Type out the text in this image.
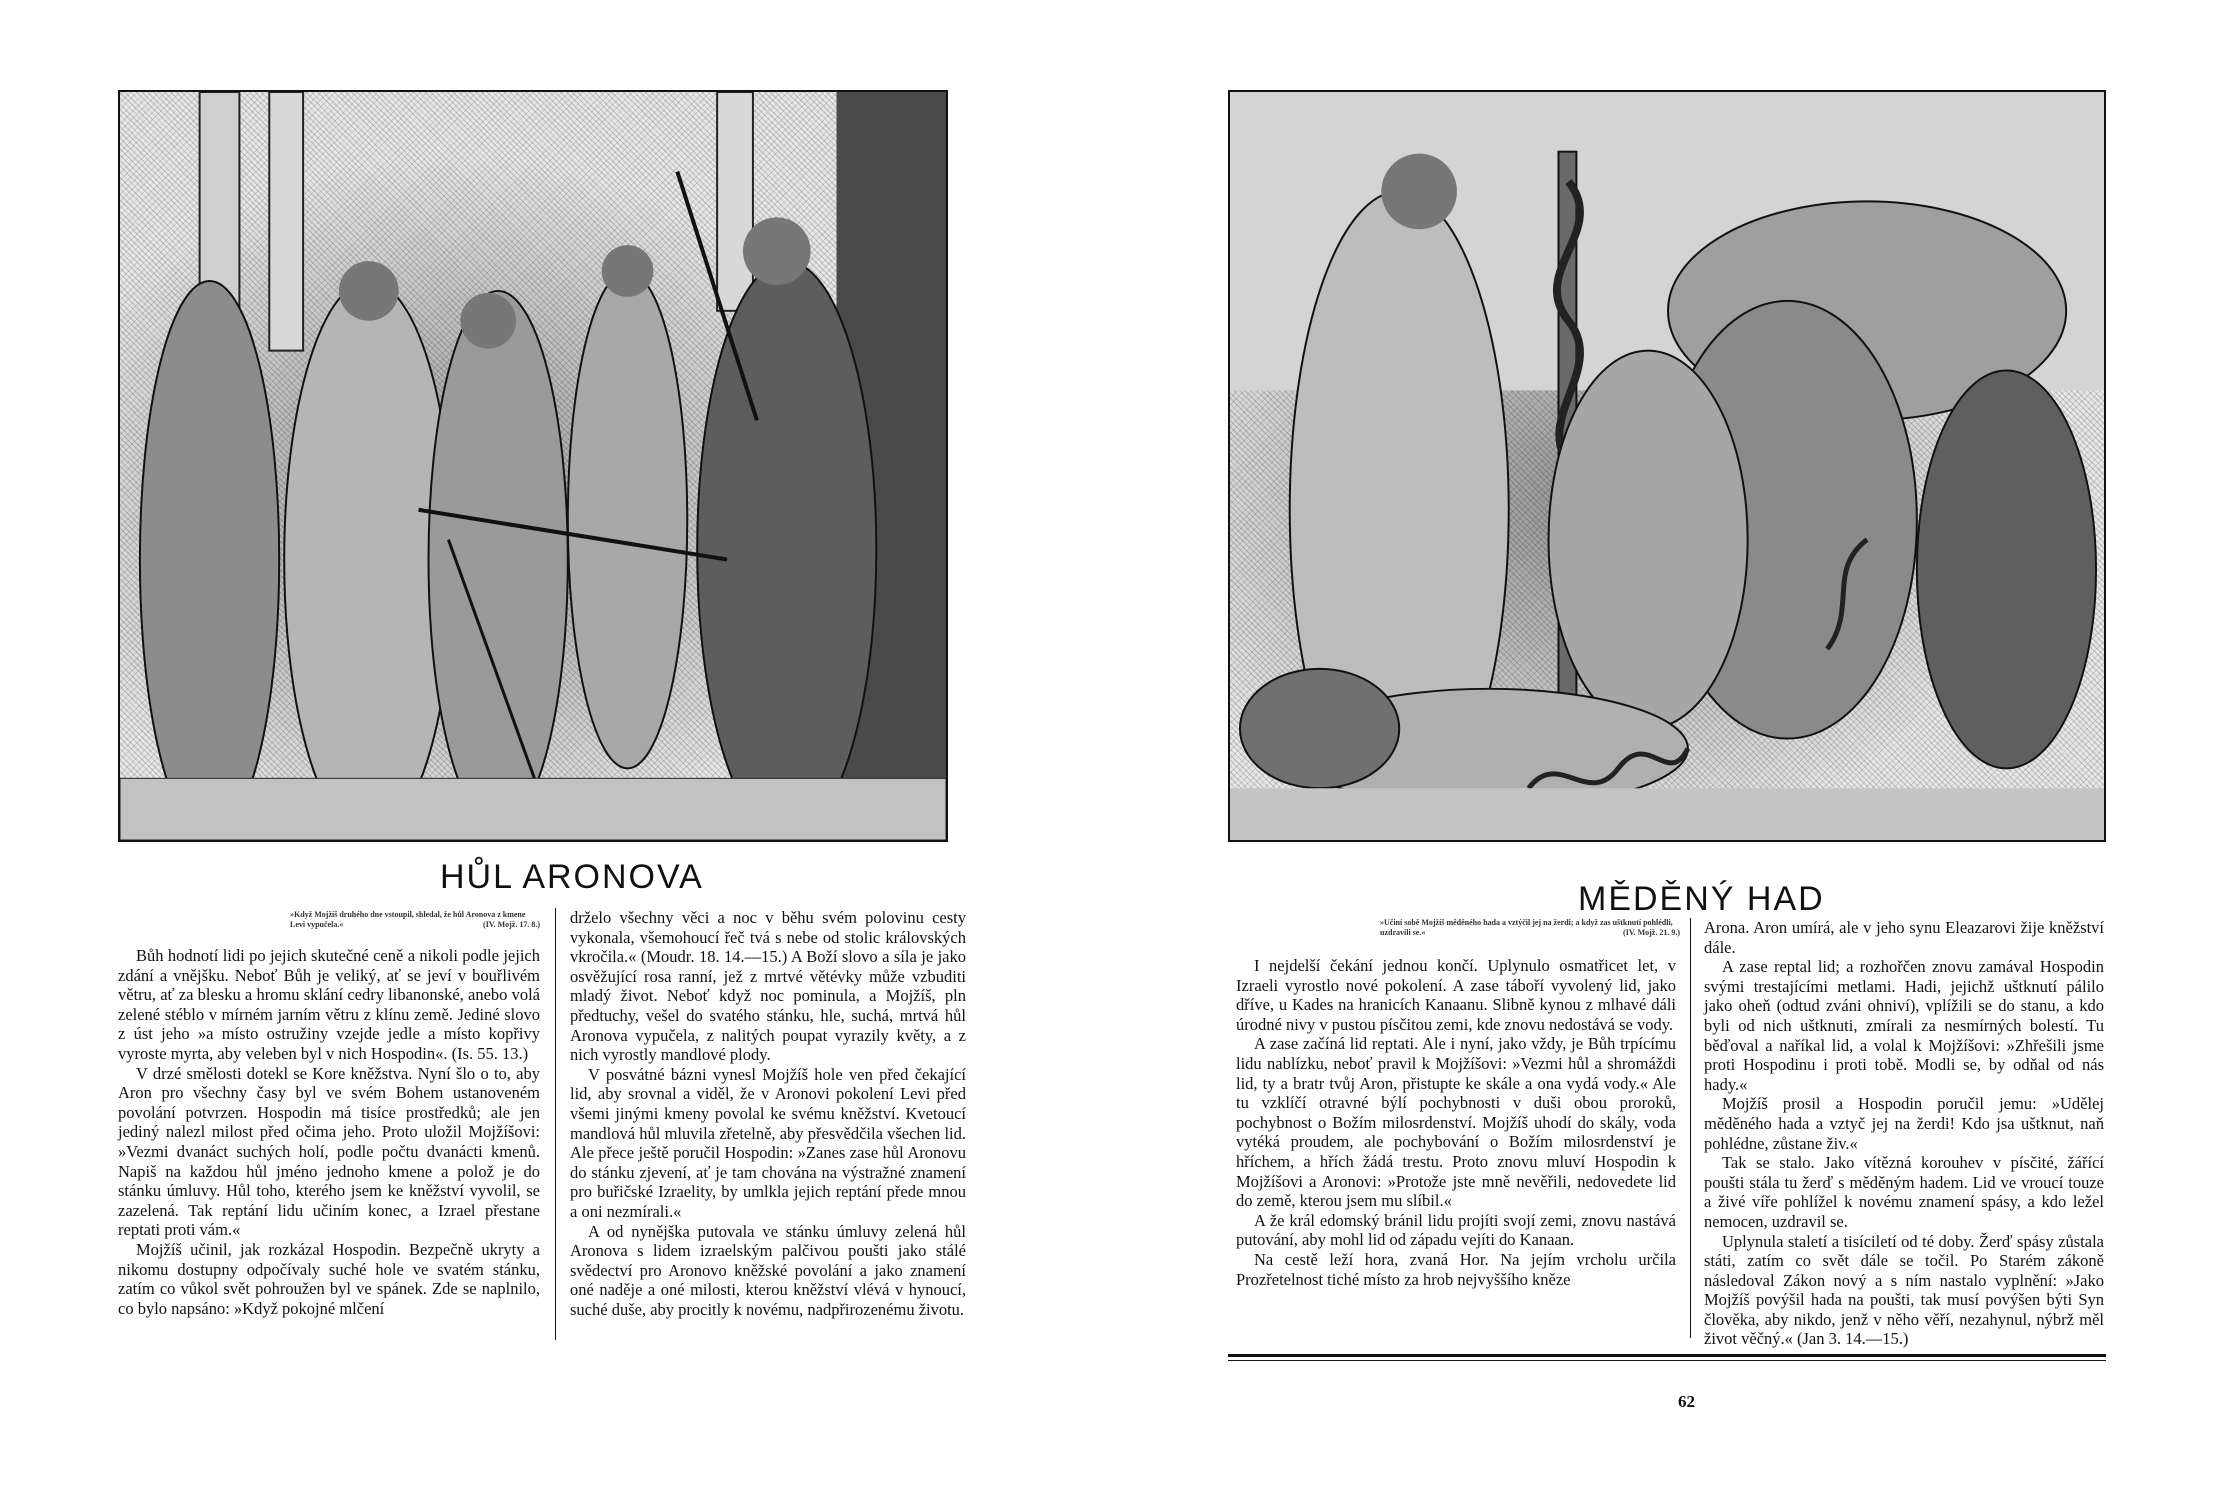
HŮL ARONOVA
»Když Mojžíš druhého dne vstoupil, shledal, že hůl Aronova z kmene Levi vypučela.«	(IV. Mojž. 17. 8.)

Bůh hodnotí lidi po jejich skutečné ceně a nikoli podle jejich zdání a vnějšku. Neboť Bůh je veliký, ať se jeví v bouřlivém větru, ať za blesku a hromu sklání cedry libanonské, anebo volá zelené stéblo v mírném jarním větru z klínu země. Jediné slovo z úst jeho »a místo ostružiny vzejde jedle a místo kopřivy vyroste myrta, aby veleben byl v nich Hospodin«. (Is. 55. 13.)

V drzé smělosti dotekl se Kore kněžstva. Nyní šlo o to, aby Aron pro všechny časy byl ve svém Bohem ustanoveném povolání potvrzen. Hospodin má tisíce prostředků; ale jen jediný nalezl milost před očima jeho. Proto uložil Mojžíšovi: »Vezmi dvanáct suchých holí, podle počtu dvanácti kmenů. Napiš na každou hůl jméno jednoho kmene a polož je do stánku úmluvy. Hůl toho, kterého jsem ke kněžství vyvolil, se zazelená. Tak reptání lidu učiním konec, a Izrael přestane reptati proti vám.«

Mojžíš učinil, jak rozkázal Hospodin. Bezpečně ukryty a nikomu dostupny odpočívaly suché hole ve svatém stánku, zatím co vůkol svět pohroužen byl ve spánek. Zde se naplnilo, co bylo napsáno: »Když pokojné mlčení

drželo všechny věci a noc v běhu svém polovinu cesty vykonala, všemohoucí řeč tvá s nebe od stolic královských vkročila.« (Moudr. 18. 14.—15.) A Boží slovo a síla je jako osvěžující rosa ranní, jež z mrtvé větévky může vzbuditi mladý život. Neboť když noc pominula, a Mojžíš, pln předtuchy, vešel do svatého stánku, hle, suchá, mrtvá hůl Aronova vypučela, z nalitých poupat vyrazily květy, a z nich vyrostly mandlové plody.

V posvátné bázni vynesl Mojžíš hole ven před čekající lid, aby srovnal a viděl, že v Aronovi pokolení Levi před všemi jinými kmeny povolal ke svému kněžství. Kvetoucí mandlová hůl mluvila zřetelně, aby přesvědčila všechen lid. Ale přece ještě poručil Hospodin: »Zanes zase hůl Aronovu do stánku zjevení, ať je tam chována na výstražné znamení pro buřičské Izraelity, by umlkla jejich reptání přede mnou a oni nezmírali.«

A od nynějška putovala ve stánku úmluvy zelená hůl Aronova s lidem izraelským palčivou poušti jako stálé svědectví pro Aronovo kněžské povolání a jako znamení oné naděje a oné milosti, kterou kněžství vlévá v hynoucí, suché duše, aby procitly k novému, nadpřirozenému životu.

MĚDĚNÝ HAD
»Učiní sobě Mojžíš měděného hada a vztýčil jej na žerdi; a když zas uštknutí pohlédli, uzdravili se.«	(IV. Mojž. 21. 9.)

I nejdelší čekání jednou končí. Uplynulo osmatřicet let, v Izraeli vyrostlo nové pokolení. A zase táboří vyvolený lid, jako dříve, u Kades na hranicích Kanaanu. Slibně kynou z mlhavé dáli úrodné nivy v pustou písčitou zemi, kde znovu nedostává se vody.

A zase začíná lid reptati. Ale i nyní, jako vždy, je Bůh trpícímu lidu nablízku, neboť pravil k Mojžíšovi: »Vezmi hůl a shromáždi lid, ty a bratr tvůj Aron, přistupte ke skále a ona vydá vody.« Ale tu vzklíčí otravné býlí pochybnosti v duši obou proroků, pochybnost o Božím milosrdenství. Mojžíš uhodí do skály, voda vytéká proudem, ale pochybování o Božím milosrdenství je hříchem, a hřích žádá trestu. Proto znovu mluví Hospodin k Mojžíšovi a Aronovi: »Protože jste mně nevěřili, nedovedete lid do země, kterou jsem mu slíbil.«

A že král edomský bránil lidu projíti svojí zemi, znovu nastává putování, aby mohl lid od západu vejíti do Kanaan.

Na cestě leží hora, zvaná Hor. Na jejím vrcholu určila Prozřetelnost tiché místo za hrob nejvyššího kněze

Arona. Aron umírá, ale v jeho synu Eleazarovi žije kněžství dále.

A zase reptal lid; a rozhořčen znovu zamával Hospodin svými trestajícími metlami. Hadi, jejichž uštknutí pálilo jako oheň (odtud zváni ohniví), vplížili se do stanu, a kdo byli od nich uštknuti, zmírali za nesmírných bolestí. Tu běďoval a naříkal lid, a volal k Mojžíšovi: »Zhřešili jsme proti Hospodinu i proti tobě. Modli se, by odňal od nás hady.«

Mojžíš prosil a Hospodin poručil jemu: »Udělej měděného hada a vztyč jej na žerdi! Kdo jsa uštknut, naň pohlédne, zůstane živ.«

Tak se stalo. Jako vítězná korouhev v písčité, žářící poušti stála tu žerď s měděným hadem. Lid ve vroucí touze a živé víře pohlížel k novému znamení spásy, a kdo ležel nemocen, uzdravil se.

Uplynula staletí a tisíciletí od té doby. Žerď spásy zůstala státi, zatím co svět dále se točil. Po Starém zákoně následoval Zákon nový a s ním nastalo vyplnění: »Jako Mojžíš povýšil hada na poušti, tak musí povýšen býti Syn člověka, aby nikdo, jenž v něho věří, nezahynul, nýbrž měl život věčný.« (Jan 3. 14.—15.)

62
